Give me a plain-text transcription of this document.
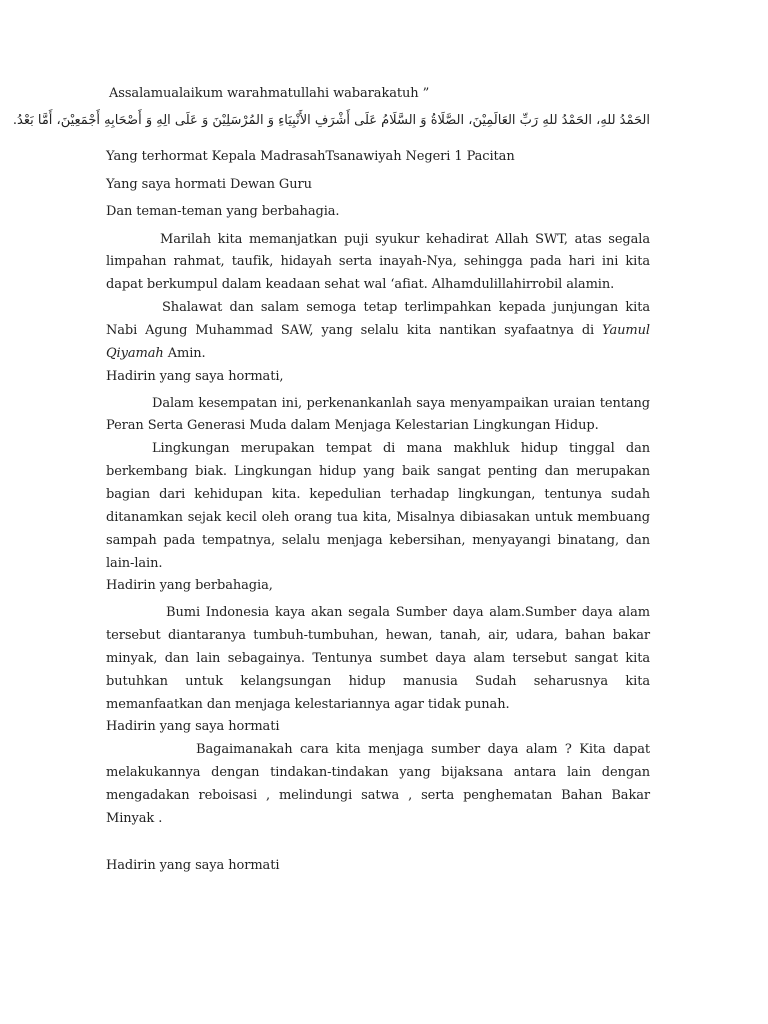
Assalamualaikum warahmatullahi wabarakatuh ”
الحَمْدُ للهِ، الحَمْدُ للهِ رَبِّ العَالَمِيْنَ، الصَّلَاةُ وَ السَّلَامُ عَلَى أَشْرَفِ الأَنْبِيَاءِ وَ المُرْسَلِيْنَ وَ عَلَى الِهِ وَ أَصْحَابِهِ أَجْمَعِيْنَ، أَمَّا بَعْدُ.
Yang terhormat Kepala MadrasahTsanawiyah Negeri 1 Pacitan
Yang saya hormati Dewan Guru
Dan teman-teman yang berbahagia.
Marilah kita memanjatkan puji syukur kehadirat Allah SWT, atas segala
limpahan rahmat, taufik, hidayah serta inayah-Nya, sehingga pada hari ini kita
dapat berkumpul dalam keadaan sehat wal ‘afiat. Alhamdulillahirrobil alamin.
Shalawat dan salam semoga tetap terlimpahkan kepada junjungan kita
Nabi Agung Muhammad SAW, yang selalu kita nantikan syafaatnya di Yaumul
Qiyamah Amin.
Hadirin yang saya hormati,
Dalam kesempatan ini, perkenankanlah saya menyampaikan uraian tentang
Peran Serta Generasi Muda dalam Menjaga Kelestarian Lingkungan Hidup.
Lingkungan merupakan tempat di mana makhluk hidup tinggal dan
berkembang biak. Lingkungan hidup yang baik sangat penting dan merupakan
bagian dari kehidupan kita. kepedulian terhadap lingkungan, tentunya sudah
ditanamkan sejak kecil oleh orang tua kita, Misalnya dibiasakan untuk membuang
sampah pada tempatnya, selalu menjaga kebersihan, menyayangi binatang, dan
lain-lain.
Hadirin yang berbahagia,
Bumi Indonesia kaya akan segala Sumber daya alam.Sumber daya alam
tersebut diantaranya tumbuh-tumbuhan, hewan, tanah, air, udara, bahan bakar
minyak, dan lain sebagainya. Tentunya sumbet daya alam tersebut sangat kita
butuhkan untuk kelangsungan hidup manusia Sudah seharusnya kita
memanfaatkan dan menjaga kelestariannya agar tidak punah.
Hadirin yang saya hormati
Bagaimanakah cara kita menjaga sumber daya alam ? Kita dapat
melakukannya dengan tindakan-tindakan yang bijaksana antara lain dengan
mengadakan reboisasi , melindungi satwa , serta penghematan Bahan Bakar
Minyak .
Hadirin yang saya hormati
